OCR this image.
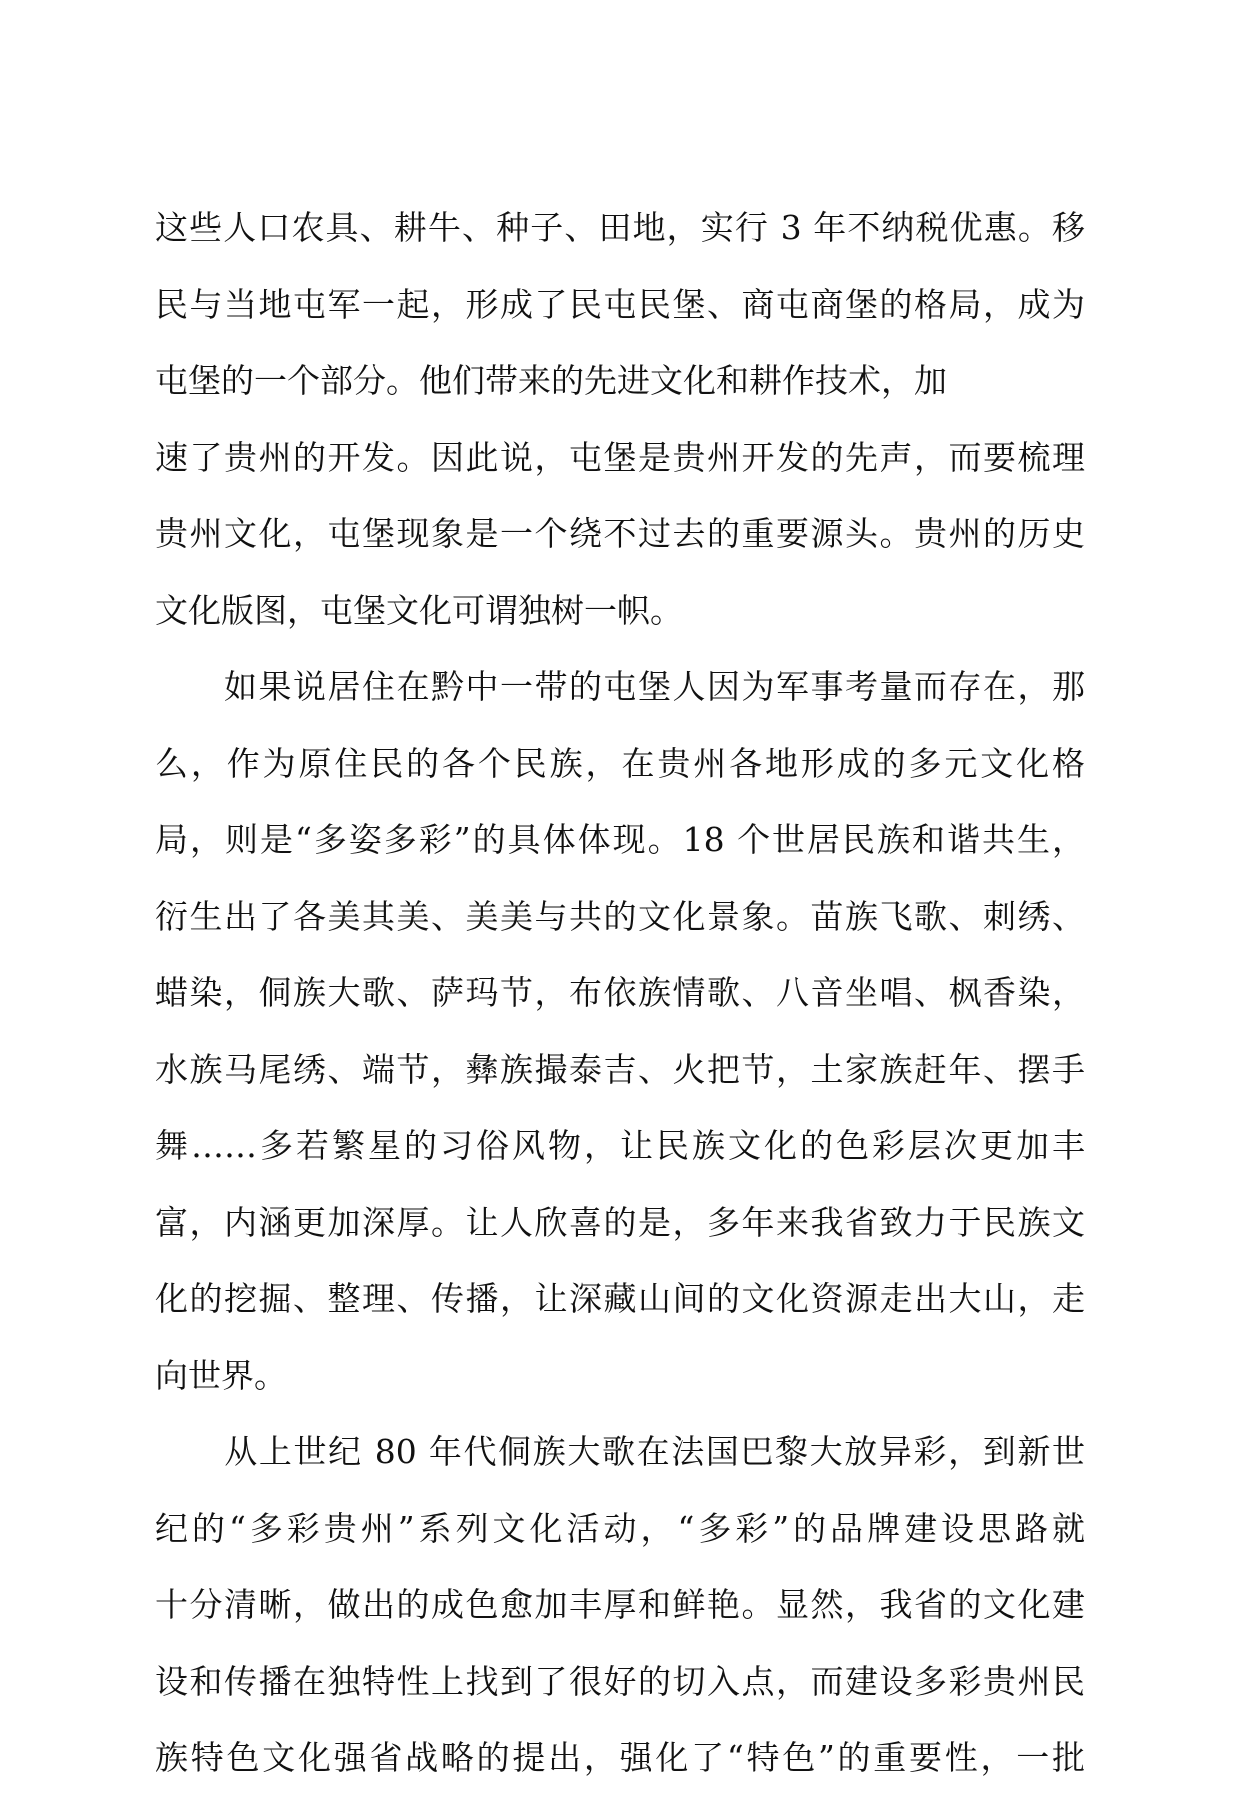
这些人口农具、耕牛、种子、田地，实行 3 年不纳税优惠。移
民与当地屯军一起，形成了民屯民堡、商屯商堡的格局，成为
屯堡的一个部分。他们带来的先进文化和耕作技术，加
速了贵州的开发。因此说，屯堡是贵州开发的先声，而要梳理
贵州文化，屯堡现象是一个绕不过去的重要源头。贵州的历史
文化版图，屯堡文化可谓独树一帜。
　　如果说居住在黔中一带的屯堡人因为军事考量而存在，那
么，作为原住民的各个民族，在贵州各地形成的多元文化格
局，则是“多姿多彩”的具体体现。18 个世居民族和谐共生，
衍生出了各美其美、美美与共的文化景象。苗族飞歌、刺绣、
蜡染，侗族大歌、萨玛节，布依族情歌、八音坐唱、枫香染，
水族马尾绣、端节，彝族撮泰吉、火把节，土家族赶年、摆手
舞……多若繁星的习俗风物，让民族文化的色彩层次更加丰
富，内涵更加深厚。让人欣喜的是，多年来我省致力于民族文
化的挖掘、整理、传播，让深藏山间的文化资源走出大山，走
向世界。
　　从上世纪 80 年代侗族大歌在法国巴黎大放异彩，到新世
纪的“多彩贵州”系列文化活动，“多彩”的品牌建设思路就
十分清晰，做出的成色愈加丰厚和鲜艳。显然，我省的文化建
设和传播在独特性上找到了很好的切入点，而建设多彩贵州民
族特色文化强省战略的提出，强化了“特色”的重要性，一批
